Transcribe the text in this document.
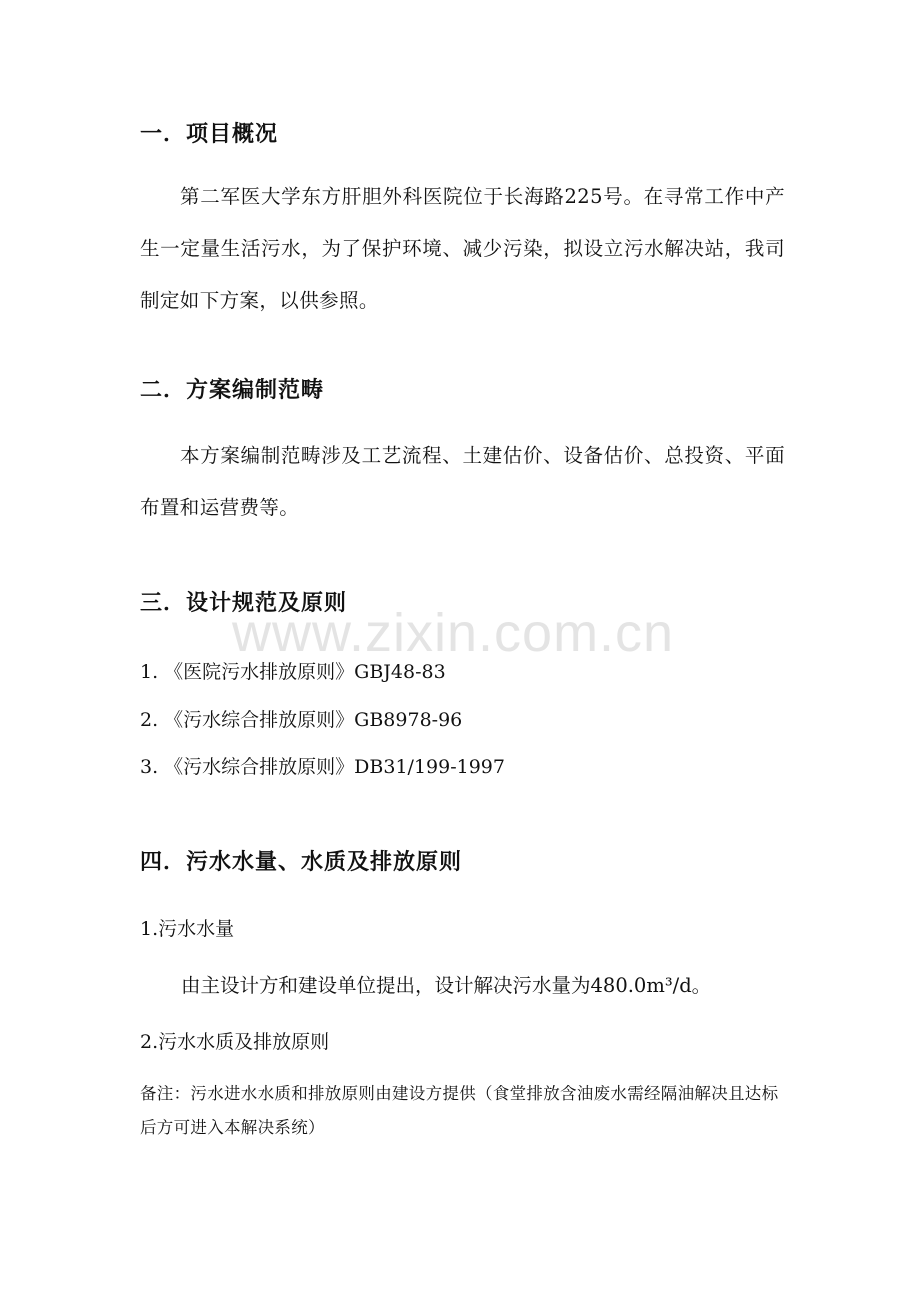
一．项目概况
第二军医大学东方肝胆外科医院位于长海路225号。在寻常工作中产生一定量生活污水，为了保护环境、减少污染，拟设立污水解决站，我司制定如下方案，以供参照。
二．方案编制范畴
本方案编制范畴涉及工艺流程、土建估价、设备估价、总投资、平面布置和运营费等。
三．设计规范及原则
1. 《医院污水排放原则》GBJ48-83
2. 《污水综合排放原则》GB8978-96
3. 《污水综合排放原则》DB31/199-1997
四．污水水量、水质及排放原则
1.污水水量
由主设计方和建设单位提出，设计解决污水量为480.0m³/d。
2.污水水质及排放原则
备注：污水进水水质和排放原则由建设方提供（食堂排放含油废水需经隔油解决且达标后方可进入本解决系统）
www.zixin.com.cn
